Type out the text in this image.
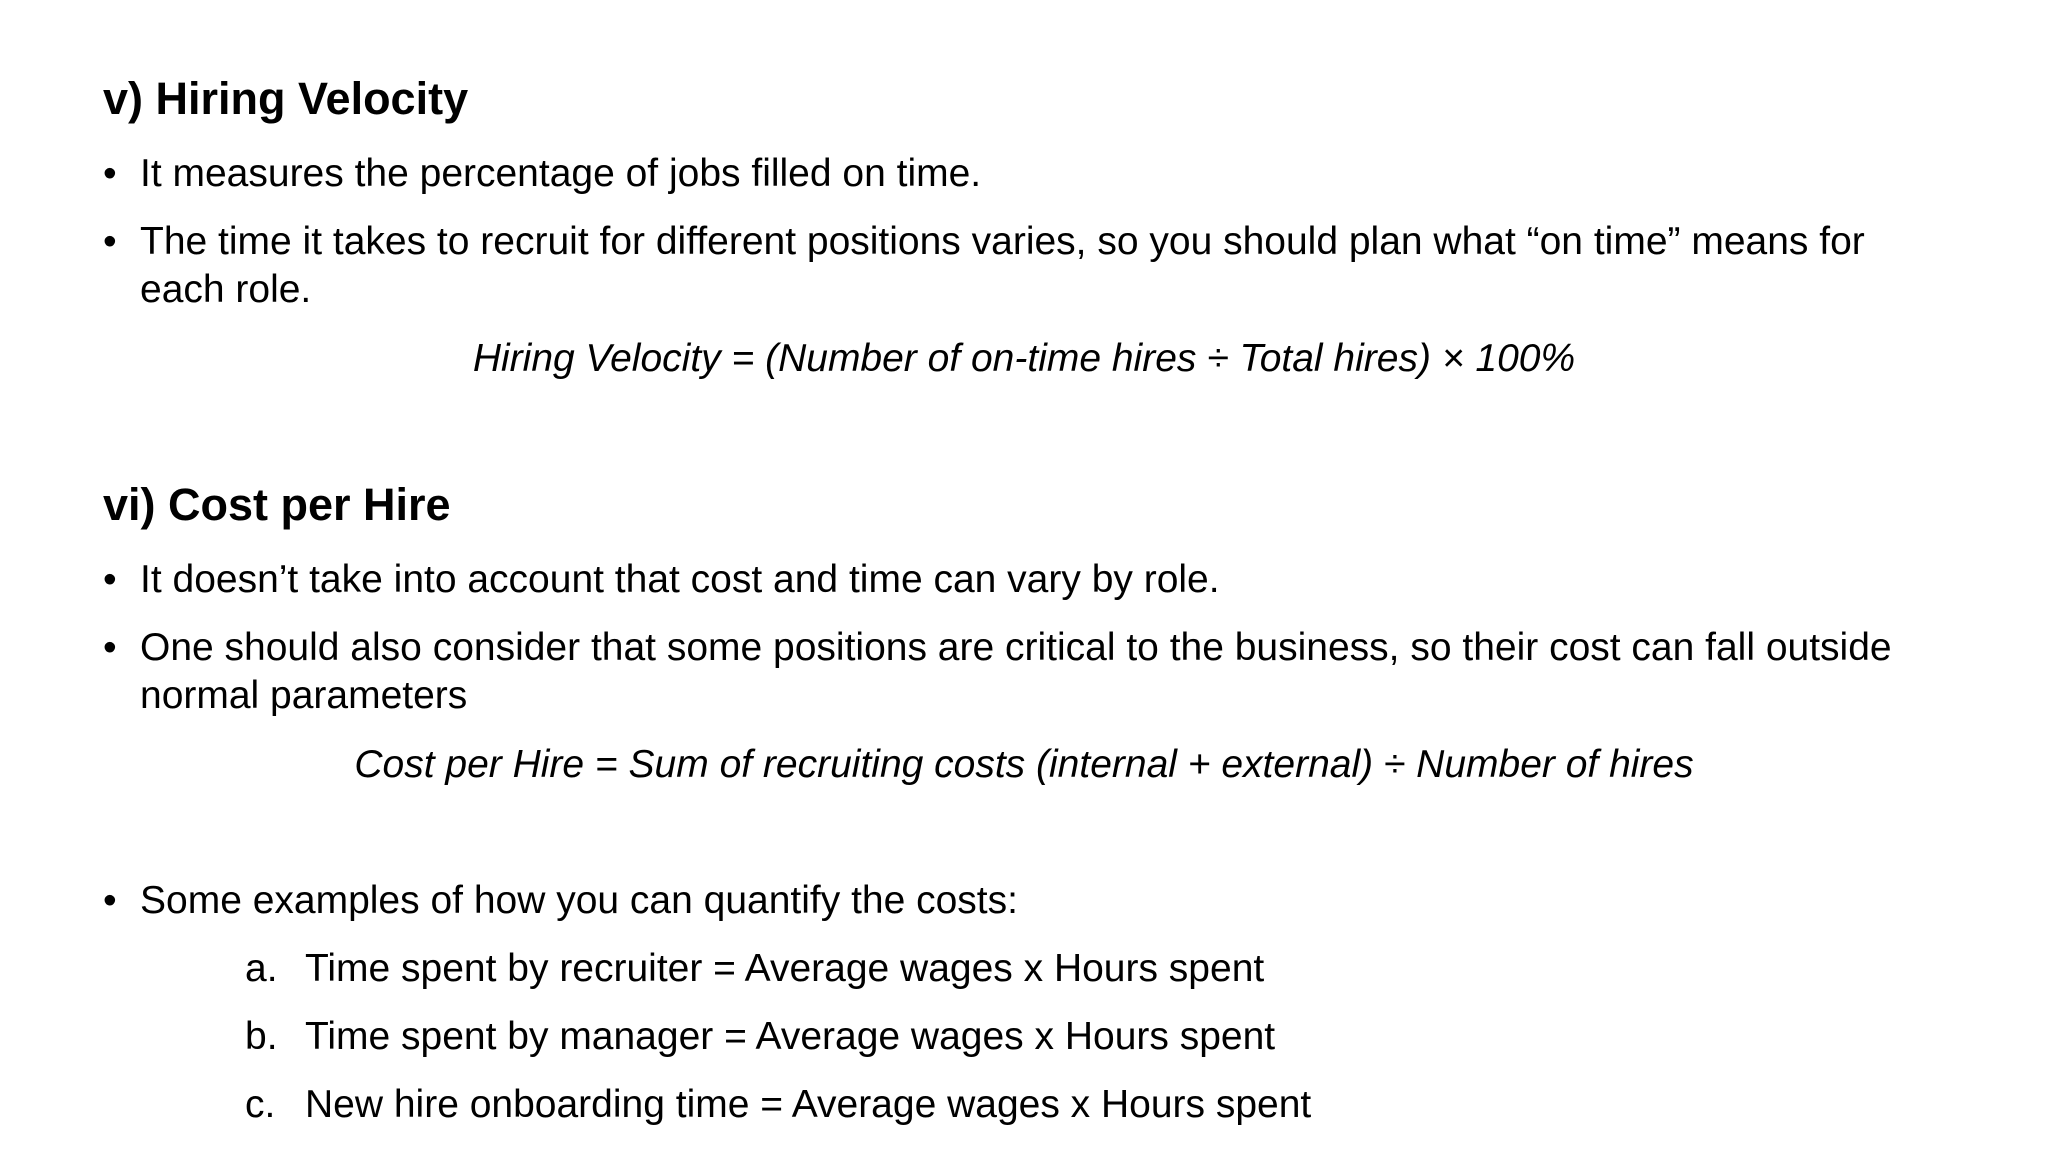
v) Hiring Velocity
• It measures the percentage of jobs filled on time.
• The time it takes to recruit for different positions varies, so you should plan what “on time” means for each role.
Hiring Velocity = (Number of on-time hires ÷ Total hires) × 100%
vi) Cost per Hire
• It doesn’t take into account that cost and time can vary by role.
• One should also consider that some positions are critical to the business, so their cost can fall outside normal parameters
Cost per Hire = Sum of recruiting costs (internal + external) ÷ Number of hires
• Some examples of how you can quantify the costs:
a. Time spent by recruiter = Average wages x Hours spent
b. Time spent by manager = Average wages x Hours spent
c. New hire onboarding time = Average wages x Hours spent
